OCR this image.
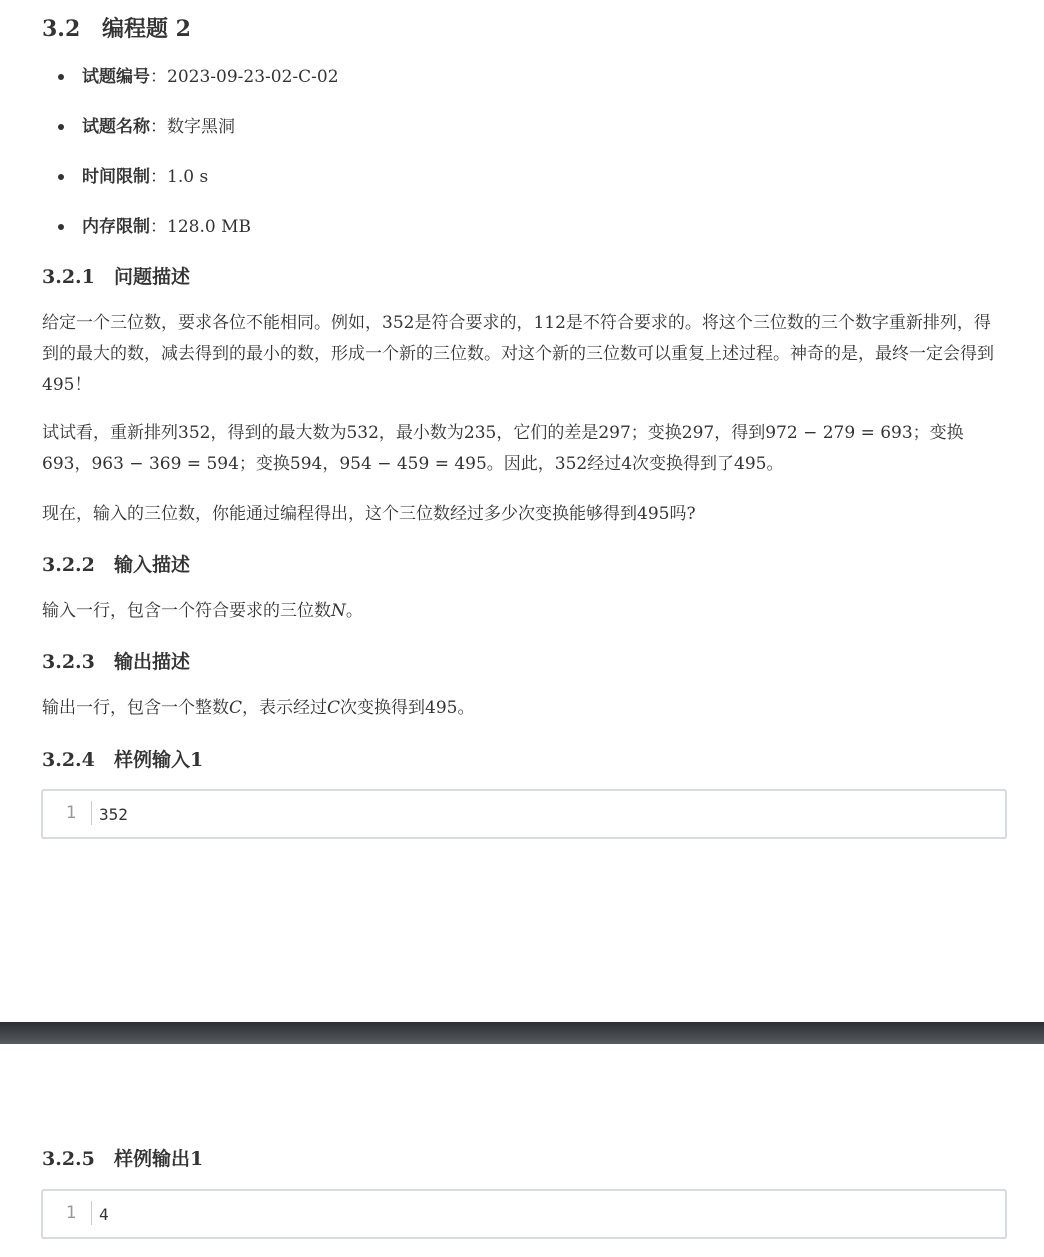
3.2 编程题 2
试题编号：2023-09-23-02-C-02
试题名称：数字黑洞
时间限制：1.0 s
内存限制：128.0 MB
3.2.1 问题描述
给定一个三位数，要求各位不能相同。例如，352是符合要求的，112是不符合要求的。将这个三位数的三个数字重新排列，得到的最大的数，减去得到的最小的数，形成一个新的三位数。对这个新的三位数可以重复上述过程。神奇的是，最终一定会得到495！
试试看，重新排列352，得到的最大数为532，最小数为235，它们的差是297；变换297，得到972 − 279 = 693；变换693，963 − 369 = 594；变换594，954 − 459 = 495。因此，352经过4次变换得到了495。
现在，输入的三位数，你能通过编程得出，这个三位数经过多少次变换能够得到495吗?
3.2.2 输入描述
输入一行，包含一个符合要求的三位数N。
3.2.3 输出描述
输出一行，包含一个整数C，表示经过C次变换得到495。
3.2.4 样例输入1
1	352
3.2.5 样例输出1
1	4
